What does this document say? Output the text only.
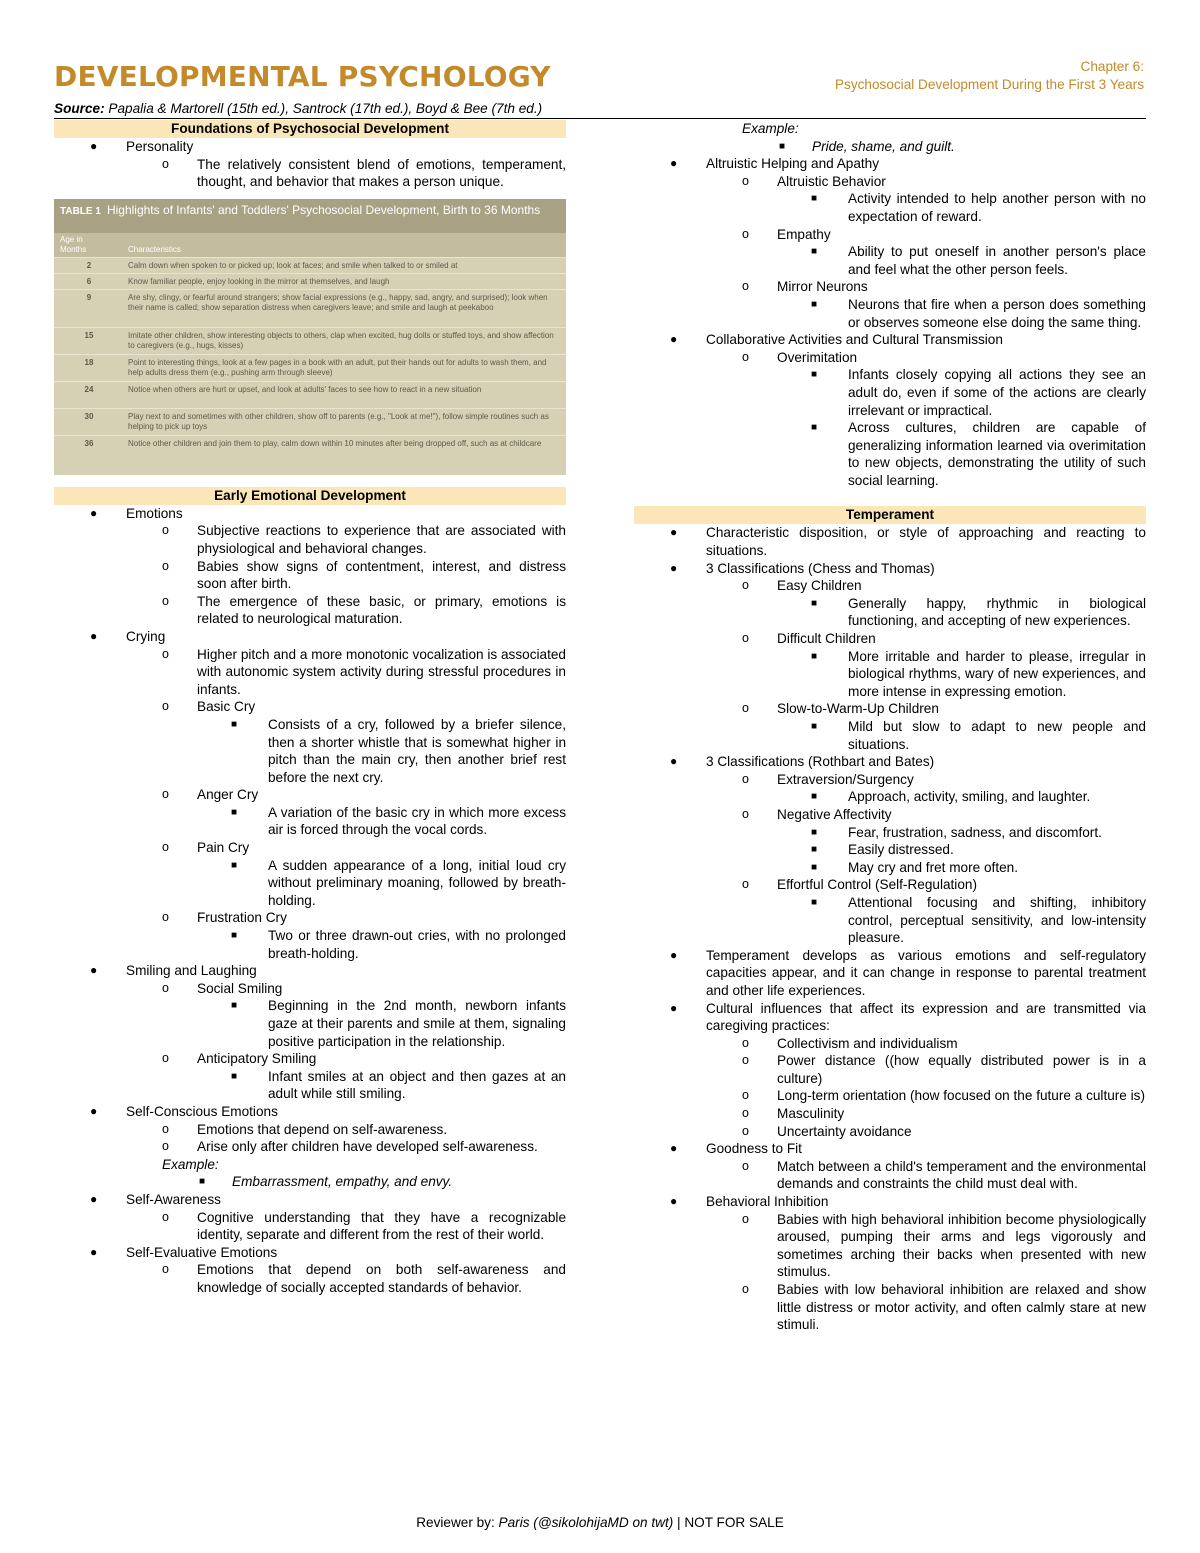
DEVELOPMENTAL PSYCHOLOGY	Chapter 6:
Psychosocial Development During the First 3 Years
Source: Papalia & Martorell (15th ed.), Santrock (17th ed.), Boyd & Bee (7th ed.)
Foundations of Psychosocial Development
● Personality
o The relatively consistent blend of emotions, temperament, thought, and behavior that makes a person unique.
TABLE 1 Highlights of Infants' and Toddlers' Psychosocial Development, Birth to 36 Months
Age in Months	Characteristics
2	Calm down when spoken to or picked up; look at faces; and smile when talked to or smiled at
6	Know familiar people, enjoy looking in the mirror at themselves, and laugh
9	Are shy, clingy, or fearful around strangers; show facial expressions (e.g., happy, sad, angry, and surprised); look when their name is called; show separation distress when caregivers leave; and smile and laugh at peekaboo
15	Imitate other children, show interesting objects to others, clap when excited, hug dolls or stuffed toys, and show affection to caregivers (e.g., hugs, kisses)
18	Point to interesting things, look at a few pages in a book with an adult, put their hands out for adults to wash them, and help adults dress them (e.g., pushing arm through sleeve)
24	Notice when others are hurt or upset, and look at adults' faces to see how to react in a new situation
30	Play next to and sometimes with other children, show off to parents (e.g., "Look at me!"), follow simple routines such as helping to pick up toys
36	Notice other children and join them to play, calm down within 10 minutes after being dropped off, such as at childcare
Early Emotional Development
● Emotions
o Subjective reactions to experience that are associated with physiological and behavioral changes.
o Babies show signs of contentment, interest, and distress soon after birth.
o The emergence of these basic, or primary, emotions is related to neurological maturation.
● Crying
o Higher pitch and a more monotonic vocalization is associated with autonomic system activity during stressful procedures in infants.
o Basic Cry
■ Consists of a cry, followed by a briefer silence, then a shorter whistle that is somewhat higher in pitch than the main cry, then another brief rest before the next cry.
o Anger Cry
■ A variation of the basic cry in which more excess air is forced through the vocal cords.
o Pain Cry
■ A sudden appearance of a long, initial loud cry without preliminary moaning, followed by breath-holding.
o Frustration Cry
■ Two or three drawn-out cries, with no prolonged breath-holding.
● Smiling and Laughing
o Social Smiling
■ Beginning in the 2nd month, newborn infants gaze at their parents and smile at them, signaling positive participation in the relationship.
o Anticipatory Smiling
■ Infant smiles at an object and then gazes at an adult while still smiling.
● Self-Conscious Emotions
o Emotions that depend on self-awareness.
o Arise only after children have developed self-awareness.
Example:
■ Embarrassment, empathy, and envy.
● Self-Awareness
o Cognitive understanding that they have a recognizable identity, separate and different from the rest of their world.
● Self-Evaluative Emotions
o Emotions that depend on both self-awareness and knowledge of socially accepted standards of behavior.
Example:
■ Pride, shame, and guilt.
● Altruistic Helping and Apathy
o Altruistic Behavior
■ Activity intended to help another person with no expectation of reward.
o Empathy
■ Ability to put oneself in another person's place and feel what the other person feels.
o Mirror Neurons
■ Neurons that fire when a person does something or observes someone else doing the same thing.
● Collaborative Activities and Cultural Transmission
o Overimitation
■ Infants closely copying all actions they see an adult do, even if some of the actions are clearly irrelevant or impractical.
■ Across cultures, children are capable of generalizing information learned via overimitation to new objects, demonstrating the utility of such social learning.
Temperament
● Characteristic disposition, or style of approaching and reacting to situations.
● 3 Classifications (Chess and Thomas)
o Easy Children
■ Generally happy, rhythmic in biological functioning, and accepting of new experiences.
o Difficult Children
■ More irritable and harder to please, irregular in biological rhythms, wary of new experiences, and more intense in expressing emotion.
o Slow-to-Warm-Up Children
■ Mild but slow to adapt to new people and situations.
● 3 Classifications (Rothbart and Bates)
o Extraversion/Surgency
■ Approach, activity, smiling, and laughter.
o Negative Affectivity
■ Fear, frustration, sadness, and discomfort.
■ Easily distressed.
■ May cry and fret more often.
o Effortful Control (Self-Regulation)
■ Attentional focusing and shifting, inhibitory control, perceptual sensitivity, and low-intensity pleasure.
● Temperament develops as various emotions and self-regulatory capacities appear, and it can change in response to parental treatment and other life experiences.
● Cultural influences that affect its expression and are transmitted via caregiving practices:
o Collectivism and individualism
o Power distance ((how equally distributed power is in a culture)
o Long-term orientation (how focused on the future a culture is)
o Masculinity
o Uncertainty avoidance
● Goodness to Fit
o Match between a child's temperament and the environmental demands and constraints the child must deal with.
● Behavioral Inhibition
o Babies with high behavioral inhibition become physiologically aroused, pumping their arms and legs vigorously and sometimes arching their backs when presented with new stimulus.
o Babies with low behavioral inhibition are relaxed and show little distress or motor activity, and often calmly stare at new stimuli.
Reviewer by: Paris (@sikolohijaMD on twt) | NOT FOR SALE
